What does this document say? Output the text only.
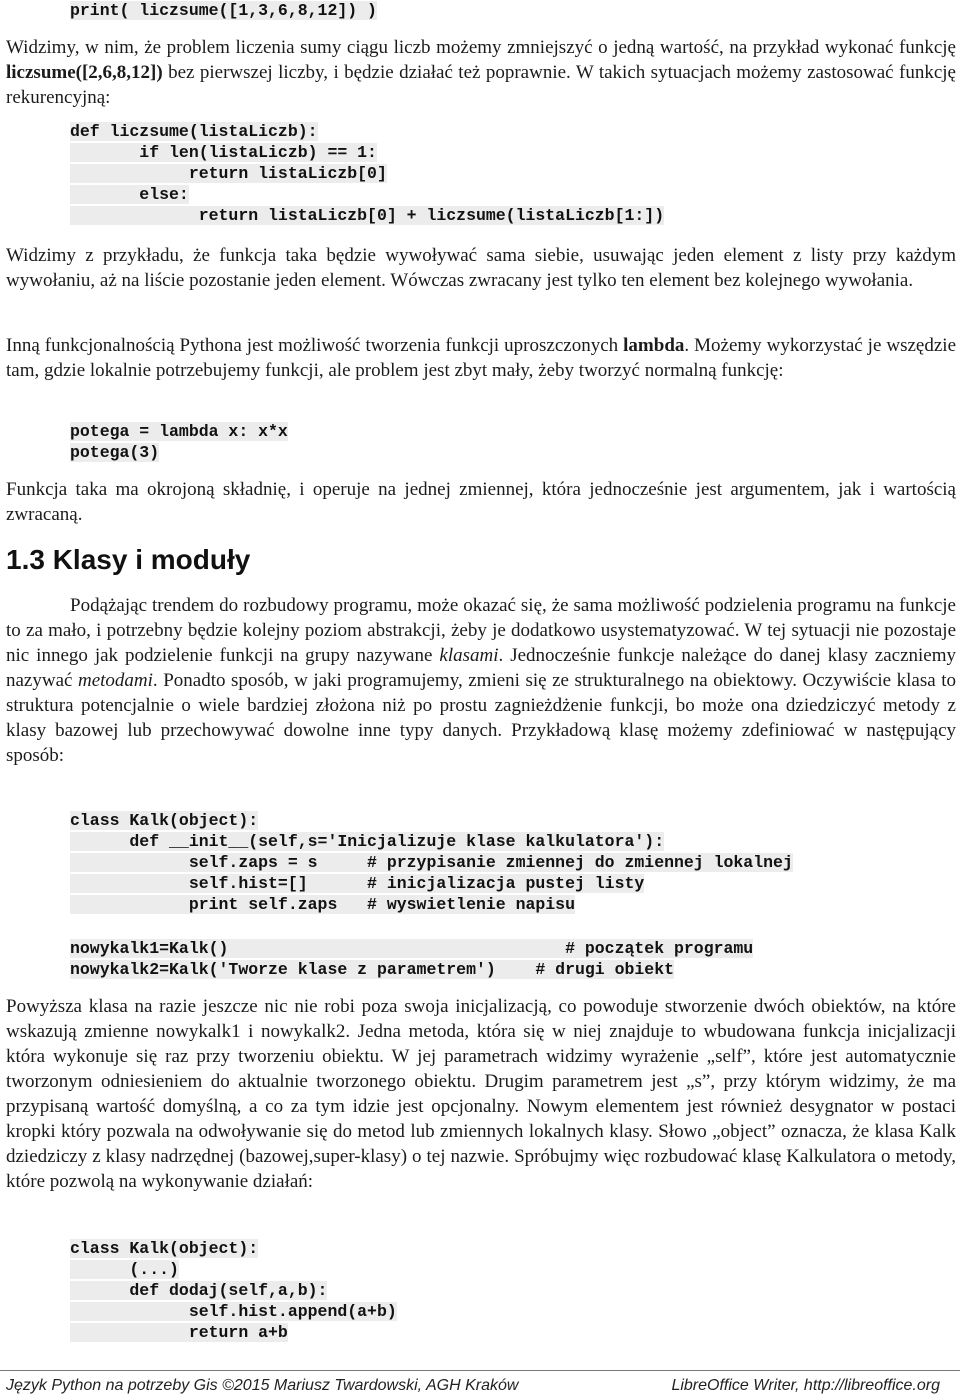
print( liczsume([1,3,6,8,12]) )

Widzimy, w nim, że problem liczenia sumy ciągu liczb możemy zmniejszyć o jedną wartość, na przykład wykonać funkcję liczsume([2,6,8,12]) bez pierwszej liczby, i będzie działać też poprawnie. W takich sytuacjach możemy zastosować funkcję rekurencyjną:

def liczsume(listaLiczb):
if len(listaLiczb) == 1:
return listaLiczb[0]
else:
return listaLiczb[0] + liczsume(listaLiczb[1:])

Widzimy z przykładu, że funkcja taka będzie wywoływać sama siebie, usuwając jeden element z listy przy każdym wywołaniu, aż na liście pozostanie jeden element. Wówczas zwracany jest tylko ten element bez kolejnego wywołania.

Inną funkcjonalnością Pythona jest możliwość tworzenia funkcji uproszczonych lambda. Możemy wykorzystać je wszędzie tam, gdzie lokalnie potrzebujemy funkcji, ale problem jest zbyt mały, żeby tworzyć normalną funkcję:

potega = lambda x: x*x
potega(3)

Funkcja taka ma okrojoną składnię, i operuje na jednej zmiennej, która jednocześnie jest argumentem, jak i wartością zwracaną.

1.3 Klasy i moduły

Podążając trendem do rozbudowy programu, może okazać się, że sama możliwość podzielenia programu na funkcje to za mało, i potrzebny będzie kolejny poziom abstrakcji, żeby je dodatkowo usystematyzować. W tej sytuacji nie pozostaje nic innego jak podzielenie funkcji na grupy nazywane klasami. Jednocześnie funkcje należące do danej klasy zaczniemy nazywać metodami. Ponadto sposób, w jaki programujemy, zmieni się ze strukturalnego na obiektowy. Oczywiście klasa to struktura potencjalnie o wiele bardziej złożona niż po prostu zagnieżdżenie funkcji, bo może ona dziedziczyć metody z klasy bazowej lub przechowywać dowolne inne typy danych. Przykładową klasę możemy zdefiniować w następujący sposób:

class Kalk(object):
def __init__(self,s='Inicjalizuje klase kalkulatora'):
self.zaps = s     # przypisanie zmiennej do zmiennej lokalnej
self.hist=[]      # inicjalizacja pustej listy
print self.zaps   # wyswietlenie napisu
nowykalk1=Kalk()                                  # początek programu
nowykalk2=Kalk('Tworze klase z parametrem')    # drugi obiekt

Powyższa klasa na razie jeszcze nic nie robi poza swoja inicjalizacją, co powoduje stworzenie dwóch obiektów, na które wskazują zmienne nowykalk1 i nowykalk2. Jedna metoda, która się w niej znajduje to wbudowana funkcja inicjalizacji która wykonuje się raz przy tworzeniu obiektu. W jej parametrach widzimy wyrażenie „self”, które jest automatycznie tworzonym odniesieniem do aktualnie tworzonego obiektu. Drugim parametrem jest „s”, przy którym widzimy, że ma przypisaną wartość domyślną, a co za tym idzie jest opcjonalny. Nowym elementem jest również desygnator w postaci kropki który pozwala na odwoływanie się do metod lub zmiennych lokalnych klasy. Słowo „object” oznacza, że klasa Kalk dziedziczy z klasy nadrzędnej (bazowej,super-klasy) o tej nazwie. Spróbujmy więc rozbudować klasę Kalkulatora o metody, które pozwolą na wykonywanie działań:

class Kalk(object):
(...)
def dodaj(self,a,b):
self.hist.append(a+b)
return a+b
Język Python na potrzeby Gis ©2015 Mariusz Twardowski, AGH Kraków	LibreOffice Writer, http://libreoffice.org
